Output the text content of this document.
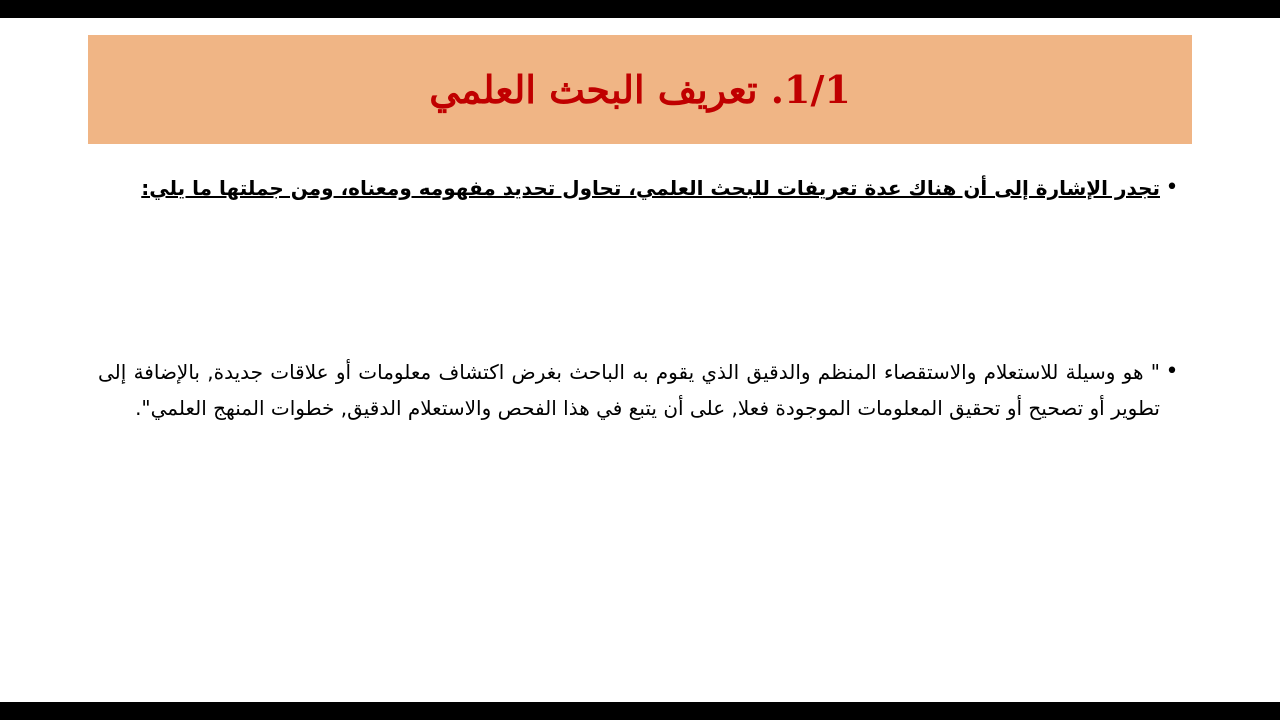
1/1. تعريف البحث العلمي
•
تجدر الإشارة إلى أن هناك عدة تعريفات للبحث العلمي، تحاول تحديد مفهومه ومعناه، ومن جملتها ما يلي:
•
" هو وسيلة للاستعلام والاستقصاء المنظم والدقيق الذي يقوم به الباحث بغرض اكتشاف معلومات أو علاقات جديدة, بالإضافة إلى تطوير أو تصحيح أو تحقيق المعلومات الموجودة فعلا, على أن يتبع في هذا الفحص والاستعلام الدقيق, خطوات المنهج العلمي".
